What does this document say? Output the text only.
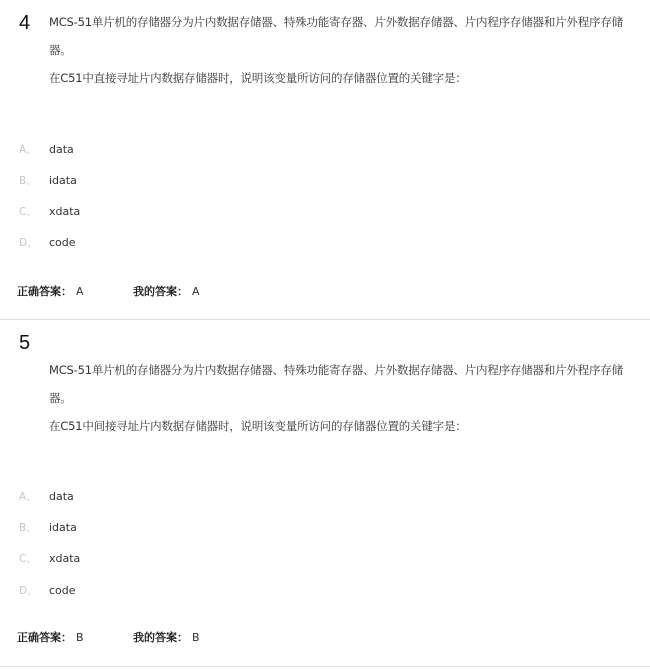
4 MCS-51单片机的存储器分为片内数据存储器、特殊功能寄存器、片外数据存储器、片内程序存储器和片外程序存储器。

在C51中直接寻址片内数据存储器时，说明该变量所访问的存储器位置的关键字是：

A、	data
B、	idata
C、	xdata
D、	code
正确答案： A	我的答案： A
5

MCS-51单片机的存储器分为片内数据存储器、特殊功能寄存器、片外数据存储器、片内程序存储器和片外程序存储器。

在C51中间接寻址片内数据存储器时，说明该变量所访问的存储器位置的关键字是：

A、	data
B、	idata
C、	xdata
D、	code
正确答案： B	我的答案： B
